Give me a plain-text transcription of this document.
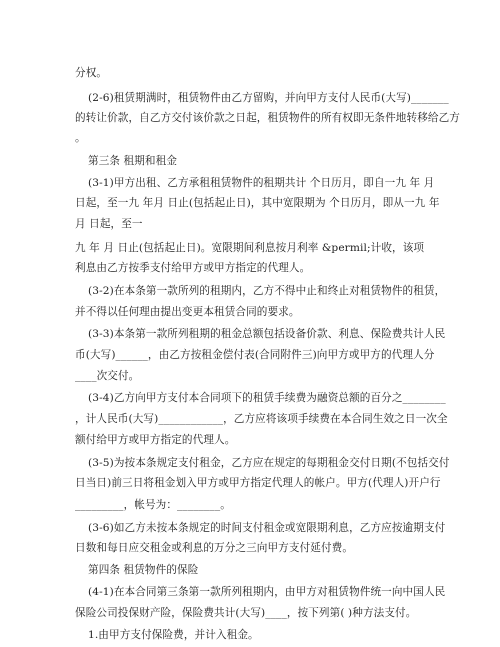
分权。
(2-6)租赁期满时，租赁物件由乙方留购，并向甲方支付人民币(大写)_______
的转让价款，自乙方交付该价款之日起，租赁物件的所有权即无条件地转移给乙方
。
第三条 租期和租金
(3-1)甲方出租、乙方承租租赁物件的租期共计 个日历月，即自一九 年 月
日起，至一九 年月 日止(包括起止日)，其中宽限期为 个日历月，即从一九 年
月 日起，至一
九 年 月 日止(包括起止日)。宽限期间利息按月利率 &permil;计收，该项
利息由乙方按季支付给甲方或甲方指定的代理人。
(3-2)在本条第一款所列的租期内，乙方不得中止和终止对租赁物件的租赁，
并不得以任何理由提出变更本租赁合同的要求。
(3-3)本条第一款所列租期的租金总额包括设备价款、利息、保险费共计人民
币(大写)______，由乙方按租金偿付表(合同附件三)向甲方或甲方的代理人分
____次交付。
(3-4)乙方向甲方支付本合同项下的租赁手续费为融资总额的百分之________
，计人民币(大写)____________，乙方应将该项手续费在本合同生效之日一次全
额付给甲方或甲方指定的代理人。
(3-5)为按本条规定支付租金，乙方应在规定的每期租金交付日期(不包括交付
日当日)前三日将租金划入甲方或甲方指定代理人的帐户。甲方(代理人)开户行
_________，帐号为：________。
(3-6)如乙方未按本条规定的时间支付租金或宽限期利息，乙方应按逾期支付
日数和每日应交租金或利息的万分之三向甲方支付延付费。
第四条 租赁物件的保险
(4-1)在本合同第三条第一款所列租期内，由甲方对租赁物件统一向中国人民
保险公司投保财产险，保险费共计(大写)____，按下列第( )种方法支付。
1.由甲方支付保险费，并计入租金。
